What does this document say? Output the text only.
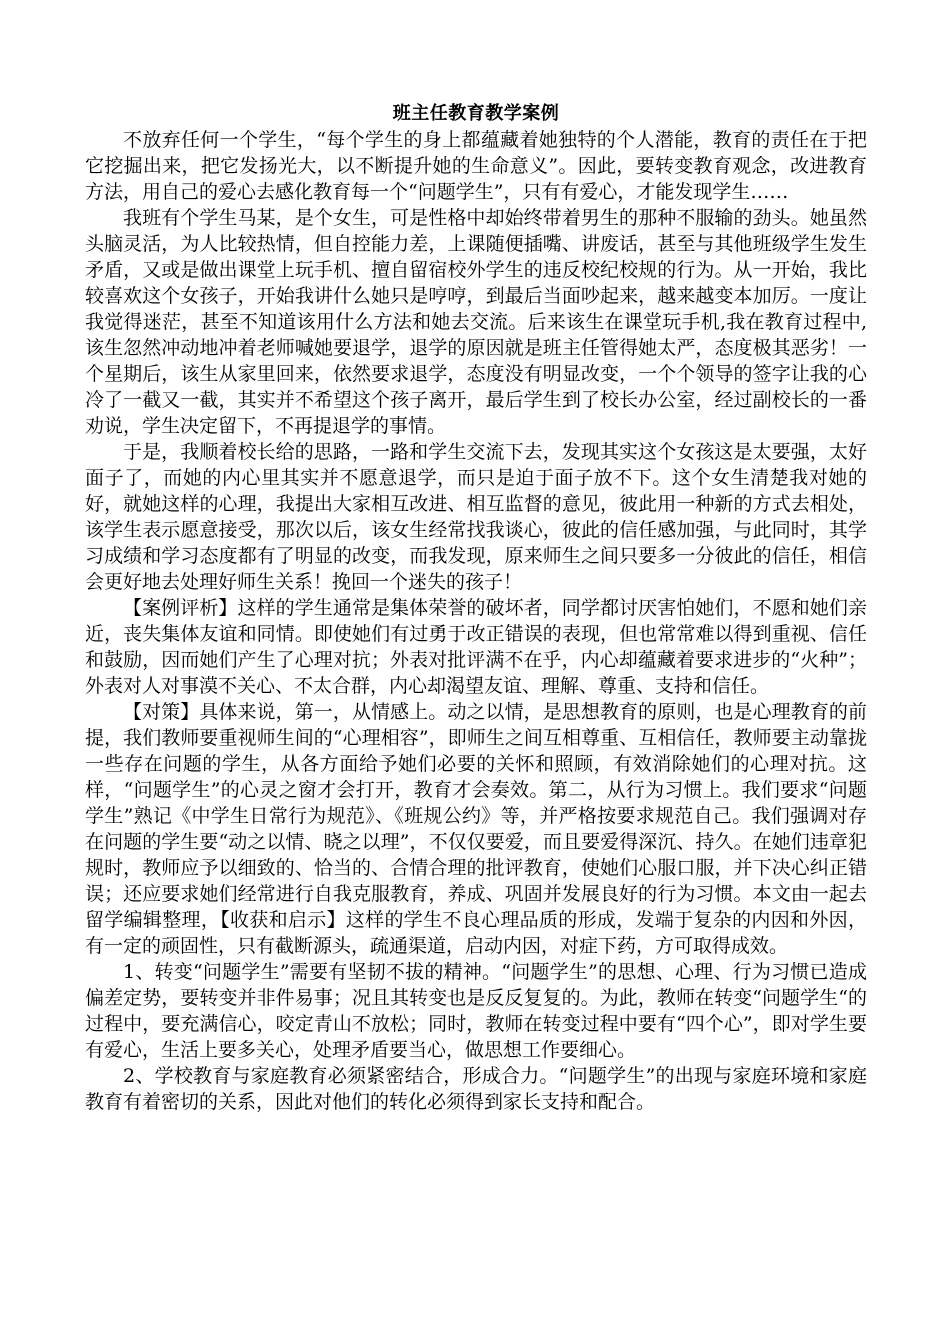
班主任教育教学案例

不放弃任何一个学生，“每个学生的身上都蕴藏着她独特的个人潜能，教育的责任在于把它挖掘出来，把它发扬光大，以不断提升她的生命意义”。因此，要转变教育观念，改进教育方法，用自己的爱心去感化教育每一个“问题学生”，只有有爱心，才能发现学生……

我班有个学生马某，是个女生，可是性格中却始终带着男生的那种不服输的劲头。她虽然头脑灵活，为人比较热情，但自控能力差，上课随便插嘴、讲废话，甚至与其他班级学生发生矛盾，又或是做出课堂上玩手机、擅自留宿校外学生的违反校纪校规的行为。从一开始，我比较喜欢这个女孩子，开始我讲什么她只是哼哼，到最后当面吵起来，越来越变本加厉。一度让我觉得迷茫，甚至不知道该用什么方法和她去交流。后来该生在课堂玩手机,我在教育过程中,该生忽然冲动地冲着老师喊她要退学，退学的原因就是班主任管得她太严，态度极其恶劣！一个星期后，该生从家里回来，依然要求退学，态度没有明显改变，一个个领导的签字让我的心冷了一截又一截，其实并不希望这个孩子离开，最后学生到了校长办公室，经过副校长的一番劝说，学生决定留下，不再提退学的事情。

于是，我顺着校长给的思路，一路和学生交流下去，发现其实这个女孩这是太要强，太好面子了，而她的内心里其实并不愿意退学，而只是迫于面子放不下。这个女生清楚我对她的好，就她这样的心理，我提出大家相互改进、相互监督的意见，彼此用一种新的方式去相处，该学生表示愿意接受，那次以后，该女生经常找我谈心，彼此的信任感加强，与此同时，其学习成绩和学习态度都有了明显的改变，而我发现，原来师生之间只要多一分彼此的信任，相信会更好地去处理好师生关系！挽回一个迷失的孩子！

【案例评析】这样的学生通常是集体荣誉的破坏者，同学都讨厌害怕她们，不愿和她们亲近，丧失集体友谊和同情。即使她们有过勇于改正错误的表现，但也常常难以得到重视、信任和鼓励，因而她们产生了心理对抗；外表对批评满不在乎，内心却蕴藏着要求进步的“火种”；外表对人对事漠不关心、不太合群，内心却渴望友谊、理解、尊重、支持和信任。

【对策】具体来说，第一，从情感上。动之以情，是思想教育的原则，也是心理教育的前提，我们教师要重视师生间的“心理相容”，即师生之间互相尊重、互相信任，教师要主动靠拢一些存在问题的学生，从各方面给予她们必要的关怀和照顾，有效消除她们的心理对抗。这样，“问题学生”的心灵之窗才会打开，教育才会奏效。第二，从行为习惯上。我们要求“问题学生”熟记《中学生日常行为规范》、《班规公约》等，并严格按要求规范自己。我们强调对存在问题的学生要“动之以情、晓之以理”，不仅仅要爱，而且要爱得深沉、持久。在她们违章犯规时，教师应予以细致的、恰当的、合情合理的批评教育，使她们心服口服，并下决心纠正错误；还应要求她们经常进行自我克服教育，养成、巩固并发展良好的行为习惯。本文由一起去留学编辑整理，【收获和启示】这样的学生不良心理品质的形成，发端于复杂的内因和外因，有一定的顽固性，只有截断源头，疏通渠道，启动内因，对症下药，方可取得成效。

1、转变“问题学生”需要有坚韧不拔的精神。“问题学生”的思想、心理、行为习惯已造成偏差定势，要转变并非件易事；况且其转变也是反反复复的。为此，教师在转变“问题学生“的过程中，要充满信心，咬定青山不放松；同时，教师在转变过程中要有“四个心”，即对学生要有爱心，生活上要多关心，处理矛盾要当心，做思想工作要细心。

2、学校教育与家庭教育必须紧密结合，形成合力。“问题学生”的出现与家庭环境和家庭教育有着密切的关系，因此对他们的转化必须得到家长支持和配合。
